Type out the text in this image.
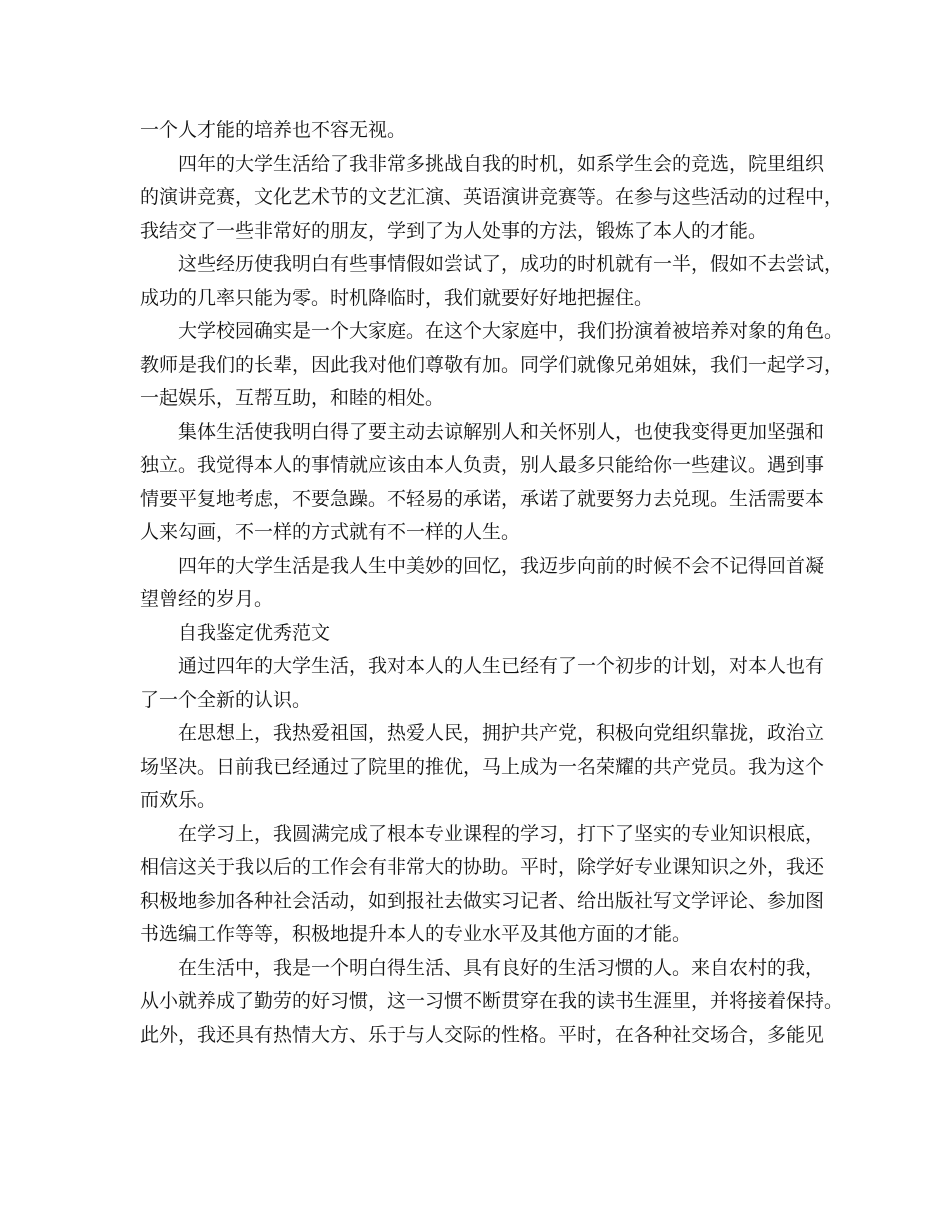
一个人才能的培养也不容无视。
四年的大学生活给了我非常多挑战自我的时机，如系学生会的竞选，院里组织
的演讲竞赛，文化艺术节的文艺汇演、英语演讲竞赛等。在参与这些活动的过程中，
我结交了一些非常好的朋友，学到了为人处事的方法，锻炼了本人的才能。
这些经历使我明白有些事情假如尝试了，成功的时机就有一半，假如不去尝试，
成功的几率只能为零。时机降临时，我们就要好好地把握住。
大学校园确实是一个大家庭。在这个大家庭中，我们扮演着被培养对象的角色。
教师是我们的长辈，因此我对他们尊敬有加。同学们就像兄弟姐妹，我们一起学习，
一起娱乐，互帮互助，和睦的相处。
集体生活使我明白得了要主动去谅解别人和关怀别人，也使我变得更加坚强和
独立。我觉得本人的事情就应该由本人负责，别人最多只能给你一些建议。遇到事
情要平复地考虑，不要急躁。不轻易的承诺，承诺了就要努力去兑现。生活需要本
人来勾画，不一样的方式就有不一样的人生。
四年的大学生活是我人生中美妙的回忆，我迈步向前的时候不会不记得回首凝
望曾经的岁月。
自我鉴定优秀范文
通过四年的大学生活，我对本人的人生已经有了一个初步的计划，对本人也有
了一个全新的认识。
在思想上，我热爱祖国，热爱人民，拥护共产党，积极向党组织靠拢，政治立
场坚决。日前我已经通过了院里的推优，马上成为一名荣耀的共产党员。我为这个
而欢乐。
在学习上，我圆满完成了根本专业课程的学习，打下了坚实的专业知识根底，
相信这关于我以后的工作会有非常大的协助。平时，除学好专业课知识之外，我还
积极地参加各种社会活动，如到报社去做实习记者、给出版社写文学评论、参加图
书选编工作等等，积极地提升本人的专业水平及其他方面的才能。
在生活中，我是一个明白得生活、具有良好的生活习惯的人。来自农村的我，
从小就养成了勤劳的好习惯，这一习惯不断贯穿在我的读书生涯里，并将接着保持。
此外，我还具有热情大方、乐于与人交际的性格。平时，在各种社交场合，多能见
